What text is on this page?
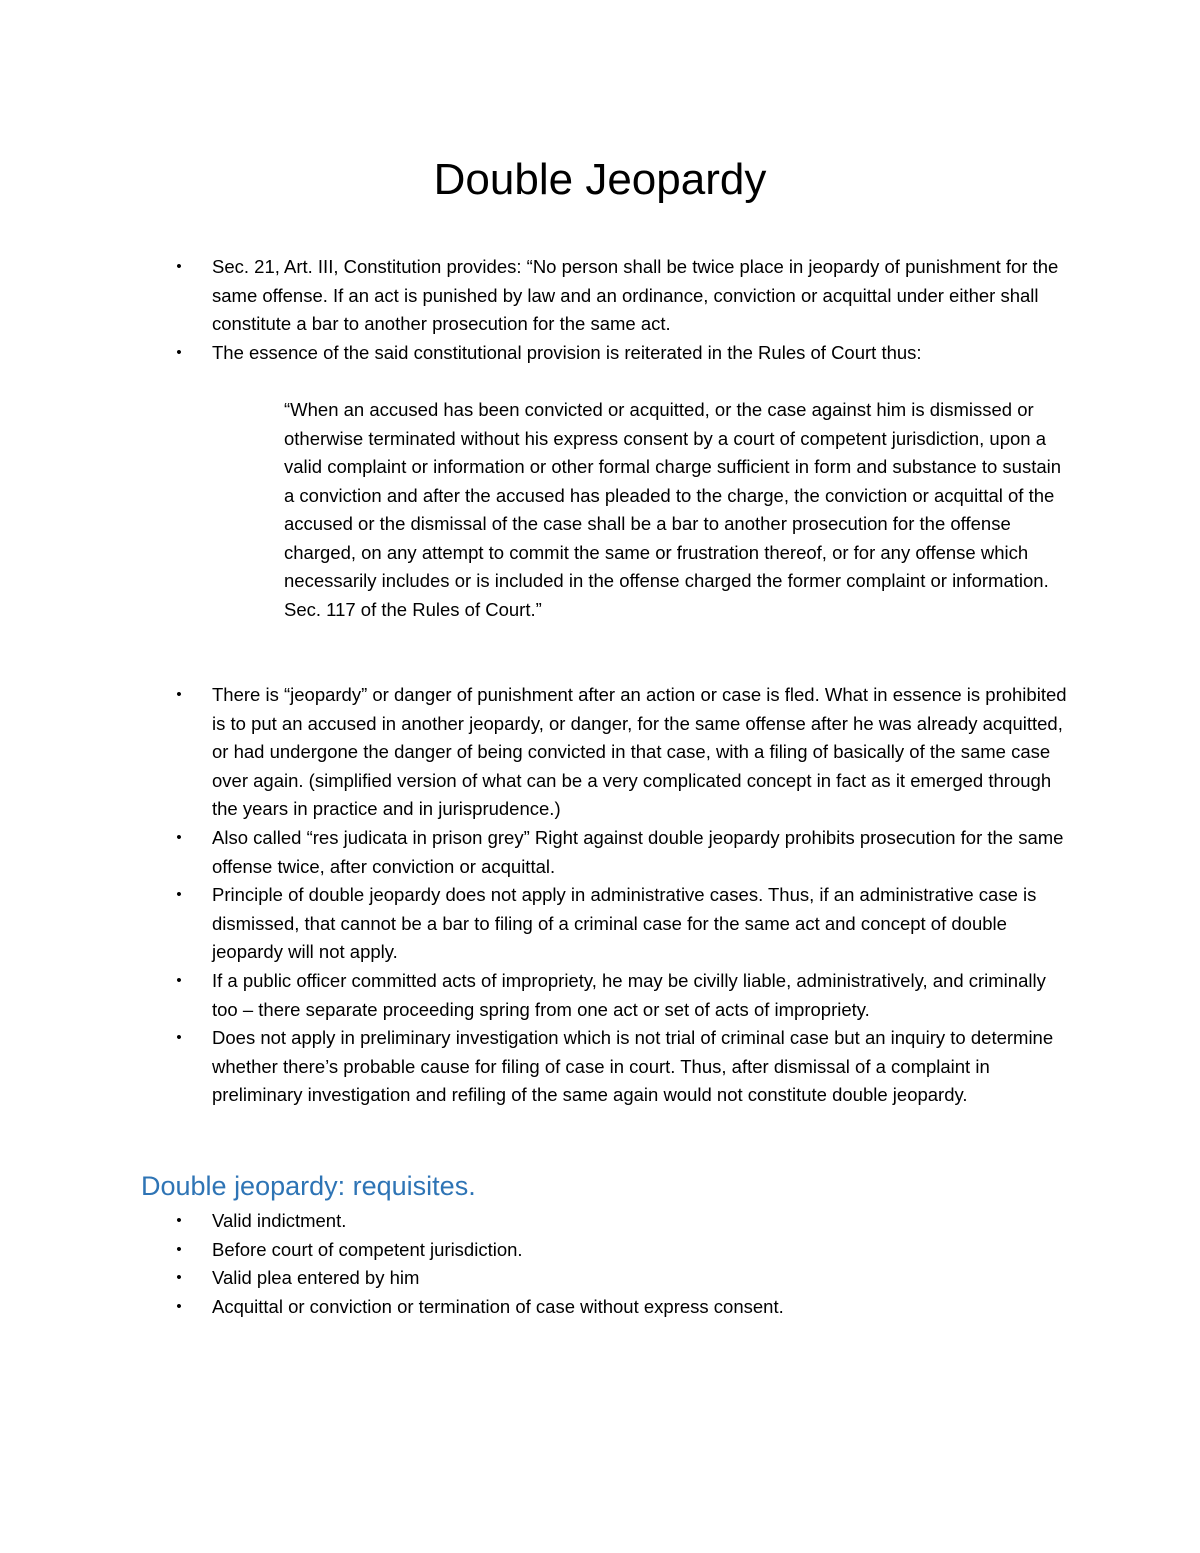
Double Jeopardy
• Sec. 21, Art. III, Constitution provides: “No person shall be twice place in jeopardy of punishment for the same offense. If an act is punished by law and an ordinance, conviction or acquittal under either shall constitute a bar to another prosecution for the same act.
• The essence of the said constitutional provision is reiterated in the Rules of Court thus:

“When an accused has been convicted or acquitted, or the case against him is dismissed or otherwise terminated without his express consent by a court of competent jurisdiction, upon a valid complaint or information or other formal charge sufficient in form and substance to sustain a conviction and after the accused has pleaded to the charge, the conviction or acquittal of the accused or the dismissal of the case shall be a bar to another prosecution for the offense charged, on any attempt to commit the same or frustration thereof, or for any offense which necessarily includes or is included in the offense charged the former complaint or information. Sec. 117 of the Rules of Court.”

• There is “jeopardy” or danger of punishment after an action or case is fled. What in essence is prohibited is to put an accused in another jeopardy, or danger, for the same offense after he was already acquitted, or had undergone the danger of being convicted in that case, with a filing of basically of the same case over again. (simplified version of what can be a very complicated concept in fact as it emerged through the years in practice and in jurisprudence.)
• Also called “res judicata in prison grey” Right against double jeopardy prohibits prosecution for the same offense twice, after conviction or acquittal.
• Principle of double jeopardy does not apply in administrative cases. Thus, if an administrative case is dismissed, that cannot be a bar to filing of a criminal case for the same act and concept of double jeopardy will not apply.
• If a public officer committed acts of impropriety, he may be civilly liable, administratively, and criminally too – there separate proceeding spring from one act or set of acts of impropriety.
• Does not apply in preliminary investigation which is not trial of criminal case but an inquiry to determine whether there’s probable cause for filing of case in court. Thus, after dismissal of a complaint in preliminary investigation and refiling of the same again would not constitute double jeopardy.
Double jeopardy: requisites.
• Valid indictment.
• Before court of competent jurisdiction.
• Valid plea entered by him
• Acquittal or conviction or termination of case without express consent.
